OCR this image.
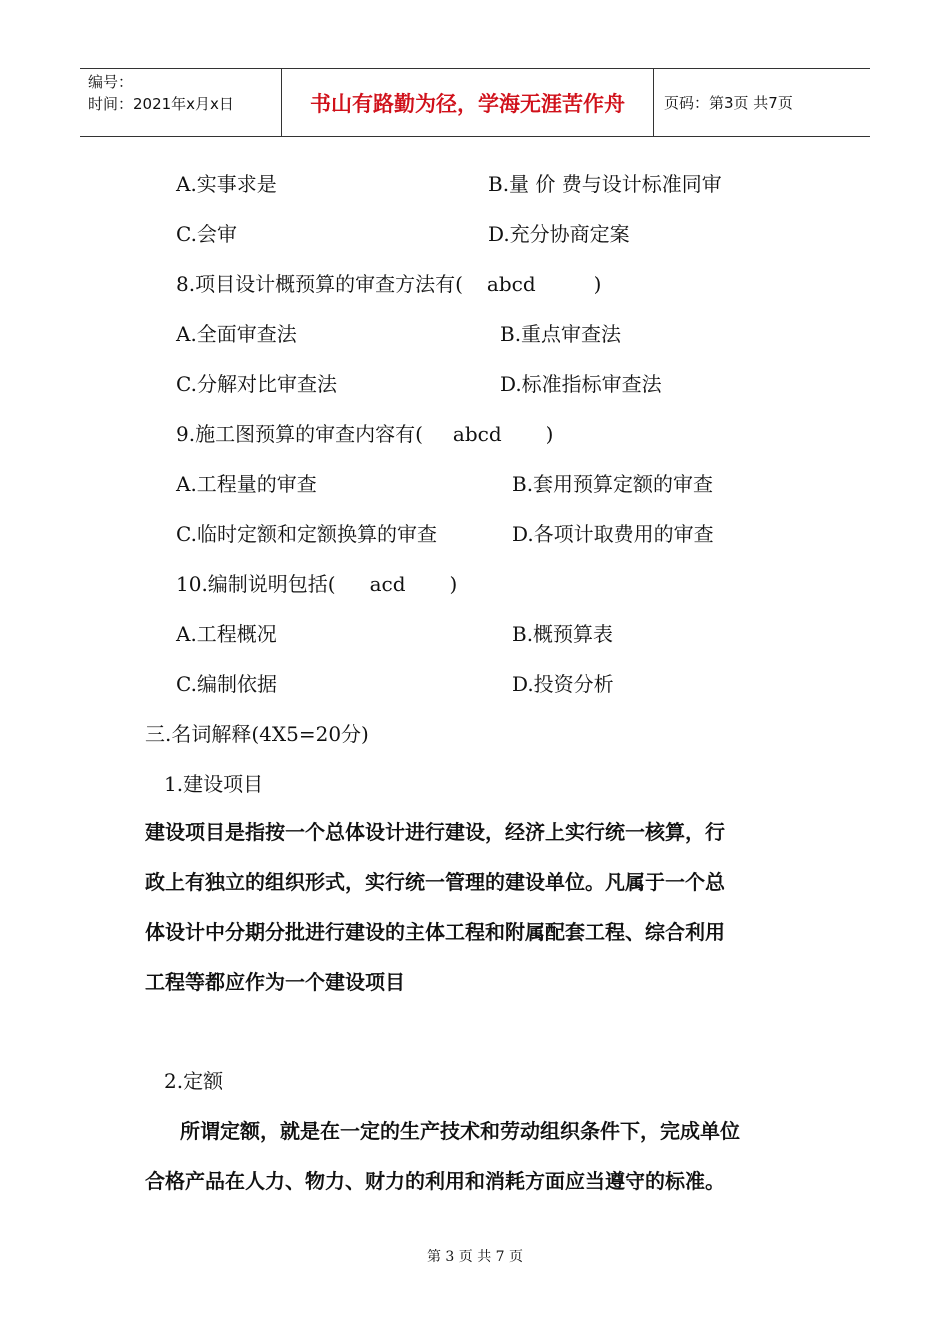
编号：
时间：2021年x月x日	书山有路勤为径，学海无涯苦作舟	页码：第3页 共7页
A.实事求是	B.量 价 费与设计标准同审
C.会审	D.充分协商定案
8.项目设计概预算的审查方法有( abcd	)
A.全面审查法	B.重点审查法
C.分解对比审查法	D.标准指标审查法
9.施工图预算的审查内容有( abcd )
A.工程量的审查	B.套用预算定额的审查
C.临时定额和定额换算的审查	D.各项计取费用的审查
10.编制说明包括( acd )
A.工程概况	B.概预算表
C.编制依据	D.投资分析
三.名词解释(4X5=20分)
1.建设项目
建设项目是指按一个总体设计进行建设，经济上实行统一核算，行
政上有独立的组织形式，实行统一管理的建设单位。凡属于一个总
体设计中分期分批进行建设的主体工程和附属配套工程、综合利用
工程等都应作为一个建设项目
2.定额
所谓定额，就是在一定的生产技术和劳动组织条件下，完成单位
合格产品在人力、物力、财力的利用和消耗方面应当遵守的标准。
第 3 页 共 7 页
